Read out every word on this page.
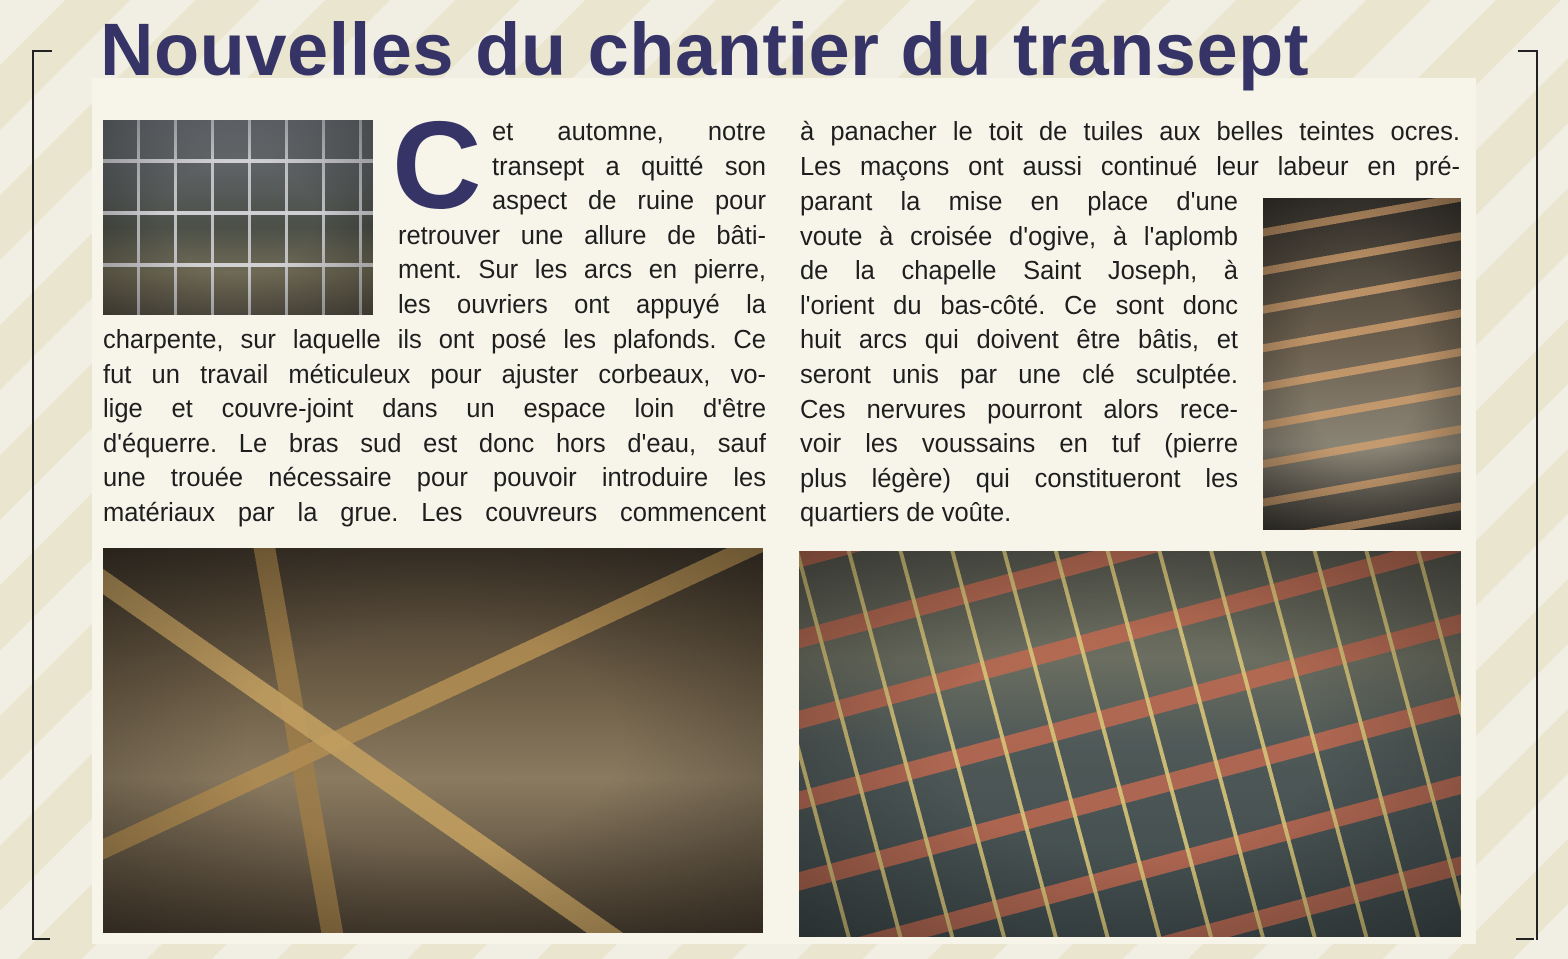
Nouvelles du chantier du transept
C et automne, notre

transept a quitté son

aspect de ruine pour

retrouver une allure de bâti-

ment. Sur les arcs en pierre,

les ouvriers ont appuyé la

charpente, sur laquelle ils ont posé les plafonds. Ce

fut un travail méticuleux pour ajuster corbeaux, vo-

lige et couvre-joint dans un espace loin d'être

d'équerre. Le bras sud est donc hors d'eau, sauf

une trouée nécessaire pour pouvoir introduire les

matériaux par la grue. Les couvreurs commencent

à panacher le toit de tuiles aux belles teintes ocres.

Les maçons ont aussi continué leur labeur en pré-

parant la mise en place d'une

voute à croisée d'ogive, à l'aplomb

de la chapelle Saint Joseph, à

l'orient du bas-côté. Ce sont donc

huit arcs qui doivent être bâtis, et

seront unis par une clé sculptée.

Ces nervures pourront alors rece-

voir les voussains en tuf (pierre

plus légère) qui constitueront les

quartiers de voûte.
